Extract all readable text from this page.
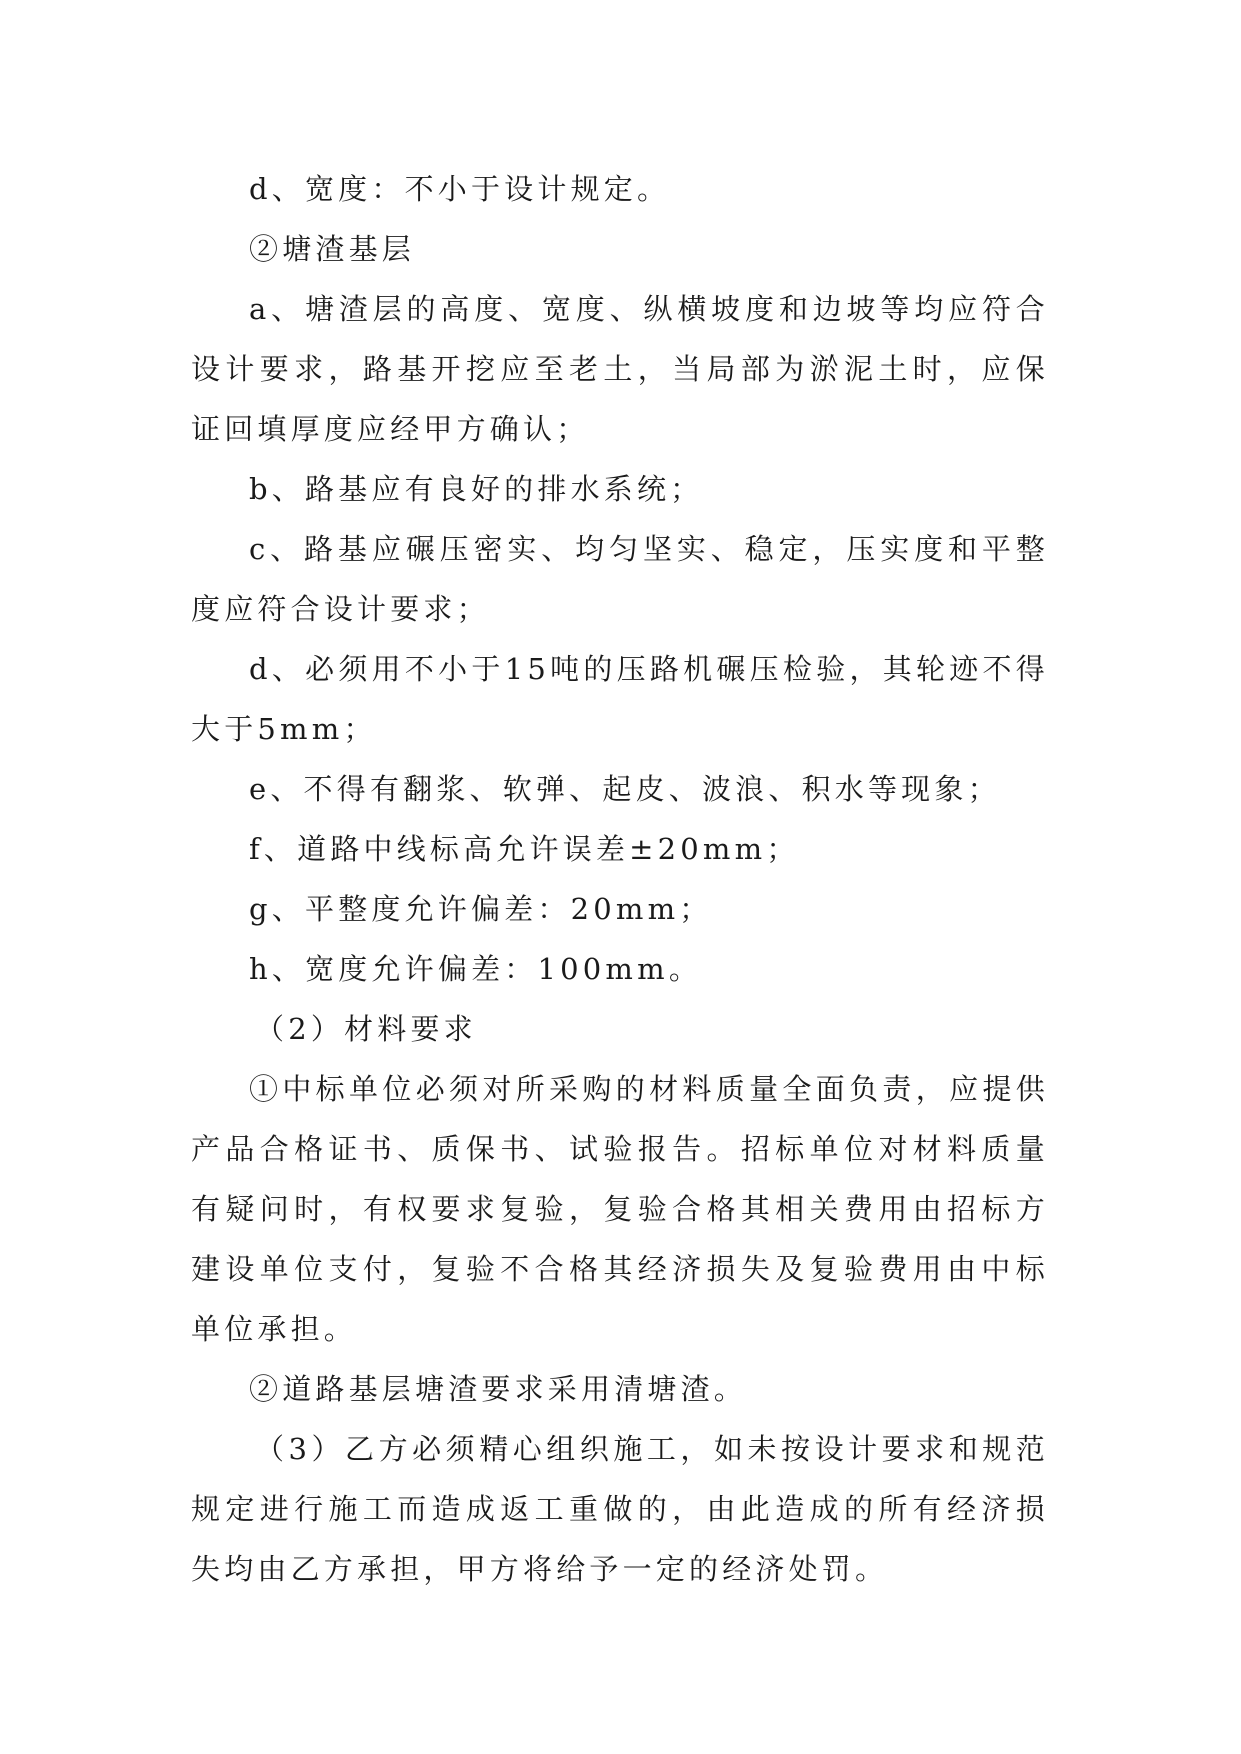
d、宽度：不小于设计规定。

②塘渣基层

a、塘渣层的高度、宽度、纵横坡度和边坡等均应符合设计要求，路基开挖应至老土，当局部为淤泥土时，应保证回填厚度应经甲方确认；

b、路基应有良好的排水系统；

c、路基应碾压密实、均匀坚实、稳定，压实度和平整度应符合设计要求；

d、必须用不小于15吨的压路机碾压检验，其轮迹不得大于5mm；

e、不得有翻浆、软弹、起皮、波浪、积水等现象；

f、道路中线标高允许误差±20mm；

g、平整度允许偏差：20mm；

h、宽度允许偏差：100mm。

（2）材料要求

①中标单位必须对所采购的材料质量全面负责，应提供产品合格证书、质保书、试验报告。招标单位对材料质量有疑问时，有权要求复验，复验合格其相关费用由招标方建设单位支付，复验不合格其经济损失及复验费用由中标单位承担。

②道路基层塘渣要求采用清塘渣。

（3）乙方必须精心组织施工，如未按设计要求和规范规定进行施工而造成返工重做的，由此造成的所有经济损失均由乙方承担，甲方将给予一定的经济处罚。
